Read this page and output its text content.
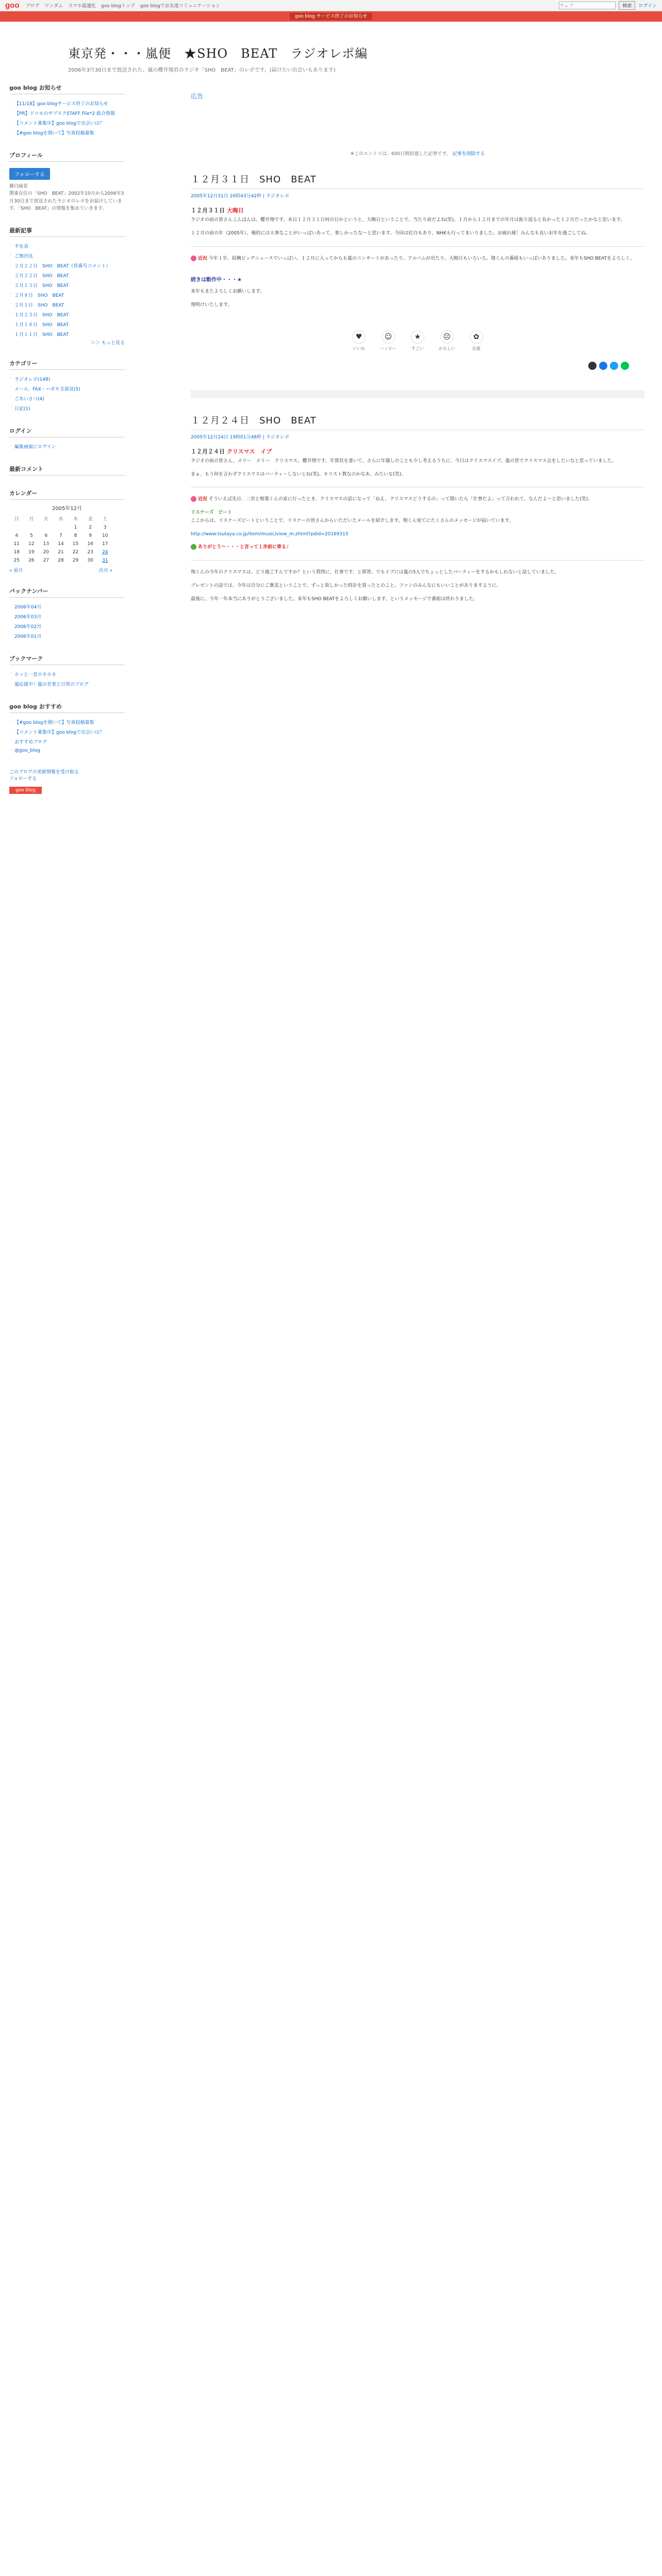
goo ブログ ワンダム スマホ最適化 goo blogトップ goo blogでお友達コミュニケーション
ウェブ	検索	ログイン
goo blog サービス終了のお知らせ
東京発・・・嵐便　★SHO　BEAT　ラジオレポ編

2006年3月30日まで放送された、嵐の櫻井翔君のラジオ「SHO　BEAT」のレポです。(届けたい出会いもあります)

goo blog お知らせ
· 【11/18】goo blogサービス終了のお知らせ
· 【PR】ドコモのサブスクSTAFF File*2 総合情報
· 【コメント募集中】goo blogで出会いは？
· 【#goo blogを開いて】写真投稿募集
プロフィール
フォローする
藤白緑花
関東在住の「SHO　BEAT」2002年10月から2006年3月30日まで放送されたラジオのレポをお届けしています。「SHO　BEAT」の情報を集めていきます。
最新記事
· 不在表
· ご無沙汰
· ２月２２日　SHO　BEAT（背番号コメント）
· ２月２２日　SHO　BEAT
· ２月１５日　SHO　BEAT
· ２月８日　SHO　BEAT
· ２月１日　SHO　BEAT
· １月２５日　SHO　BEAT
· １月１８日　SHO　BEAT
· １月１１日　SHO　BEAT
＞＞ もっと見る
カテゴリー
· ラジオレポ(148)
· メール、FAX・ハガキ全部見(5)
· ごあいさつ(4)
· 日記(1)
ログイン
· 編集画面にログイン
最新コメント
カレンダー
2005年12月
日	月	火	水	木	金	土
				1	2	3
4	5	6	7	8	9	10
11	12	13	14	15	16	17
18	19	20	21	22	23	24
25	26	27	28	29	30	31
« 前月	次月 »
バックナンバー
2006年04月
2006年03月
2006年02月
2006年01月
ブックマーク
· ホッと一息ホネホネ
· 嵐応援中！嵐の音楽と日常のブログ
goo blog おすすめ
· 【#goo blogを開いて】写真投稿募集
· 【コメント募集中】goo blogで出会いは？
· おすすめブログ
· @goo_blog
このブログの更新情報を受け取る
フォローする
goo blog
広告
※このエントリは、600日間経過した記事です。 記事を削除する
１２月３１日　SHO　BEAT
2005年12月31日 20時43分42秒 | ラジオレポ
１２月３１日 大晦日

ラジオの前の皆さんこんばんは、櫻井翔です。本日１２月３１日何の日かというと、大晦日ということで、当たり前だよね(笑)。１月から１２月までの年月は振り返ると長かった１２月だったかなと思います。

１２月の前の年（2005年）、俺的には大事なことがいっぱいあって、楽しかったな〜と思います。今回は紅白もあり、NHKも行ってまいりました。お疲れ様！みんなも良いお年を過ごしてね。

近況 今年１年、結構ビッグニュースでいっぱい。１２月に入ってからも嵐のコンサートがあったり、アルバムが出たり、大晦日もいろいろ。翔くんの番組もいっぱいありました。来年もSHO BEATをよろしく。

続きは動作中・・・★

来年もまたよろしくお願いします。

翔明けいたします。

♥
いいね
☺
ハッピー
★
すごい
☹
かなしい
✿
応援
１２月２４日　SHO　BEAT
2005年12月24日 19時01分48秒 | ラジオレポ
１２月２４日 クリスマス　イブ

ラジオの前の皆さん、メリー　メリー　クリスマス、櫻井翔です。年賀状を書いて、さらに年越しのことも少し考えるうちに、今日はクリスマスイブ。嵐の皆でクリスマス会をしたいなと思っていました。

まぁ、もう何を言わずクリスマスはパーティーしないとね(笑)。キリスト教なのかなあ、みたいな(笑)。

近況 そういえば先日、二宮と相葉くんの家に行ったとき、クリスマスの話になって「ねえ、クリスマスどうするの」って聞いたら「仕事だよ」って言われて、なんだよ〜と思いました(笑)。

リスナーズ　ビート
ここからは、リスナーズビートということで、リスナーの皆さんからいただいたメールを紹介します。翔くん宛てにたくさんのメッセージが届いています。

http://www.tsutaya.co.jp/item/music/view_m.zhtml?pdid=20169315

ありがとう〜・・・と言って１歩前に寄る♪

翔くんの今年のクリスマスは、どう過ごすんですか？という質問に、仕事です、と即答。でもイブには嵐の5人でちょっとしたパーティーをするかもしれないと話していました。

プレゼントの話では、今年は自分にご褒美ということで、ずっと欲しかった時計を買ったとのこと。ファンのみんなにもいいことがありますように。

最後に、今年一年本当にありがとうございました。来年もSHO BEATをよろしくお願いします、というメッセージで番組は終わりました。
